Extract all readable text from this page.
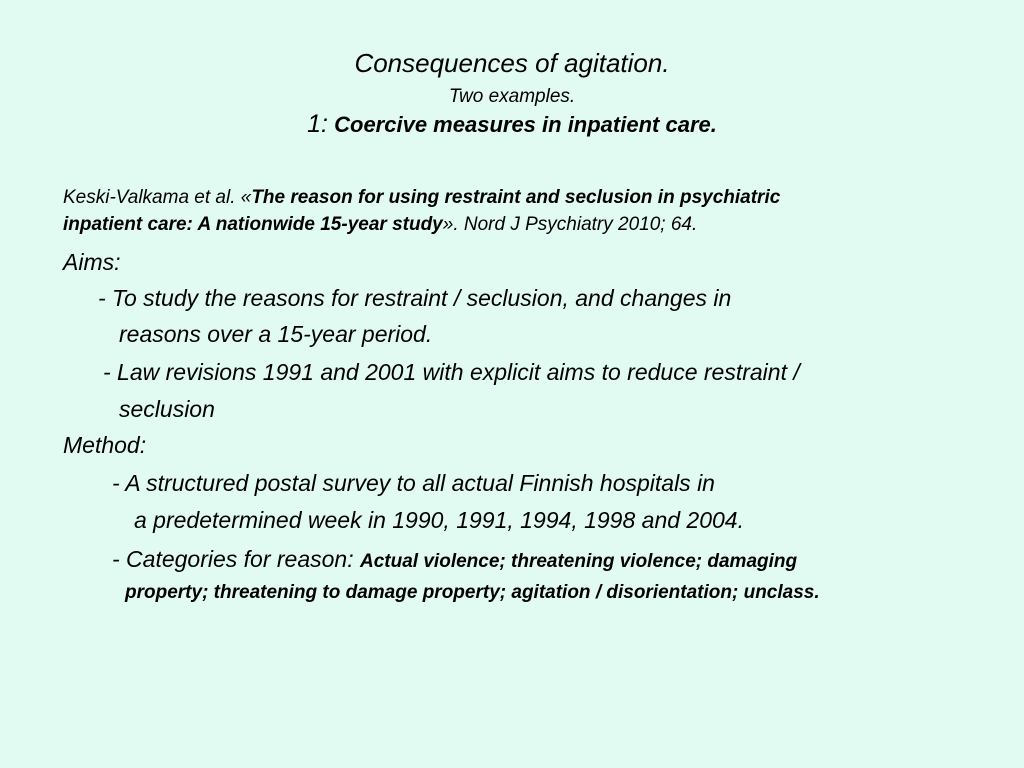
Consequences of agitation.
Two examples.
1: Coercive measures in inpatient care.
Keski-Valkama et al. «The reason for using restraint and seclusion in psychiatric
inpatient care: A nationwide 15-year study». Nord J Psychiatry 2010; 64.
Aims:
- To study the reasons for restraint / seclusion, and changes in
reasons over a 15-year period.
- Law revisions 1991 and 2001 with explicit aims to reduce restraint /
seclusion
Method:
- A structured postal survey to all actual Finnish hospitals in
a predetermined week in 1990, 1991, 1994, 1998 and 2004.
- Categories for reason: Actual violence; threatening violence; damaging
property; threatening to damage property; agitation / disorientation; unclass.
